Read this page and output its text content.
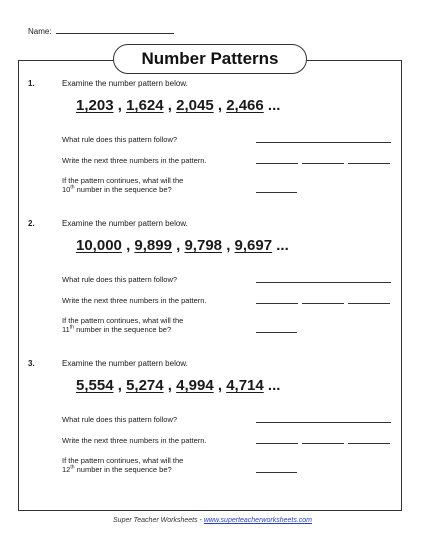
Name:
Number Patterns
1.	Examine the number pattern below.
1,203 , 1,624 , 2,045 , 2,466 ...
What rule does this pattern follow?
Write the next three numbers in the pattern.
If the pattern continues, what will the
10th number in the sequence be?
2.	Examine the number pattern below.
10,000 , 9,899 , 9,798 , 9,697 ...
What rule does this pattern follow?
Write the next three numbers in the pattern.
If the pattern continues, what will the
11th number in the sequence be?
3.	Examine the number pattern below.
5,554 , 5,274 , 4,994 , 4,714 ...
What rule does this pattern follow?
Write the next three numbers in the pattern.
If the pattern continues, what will the
12th number in the sequence be?
Super Teacher Worksheets - www.superteacherworksheets.com
